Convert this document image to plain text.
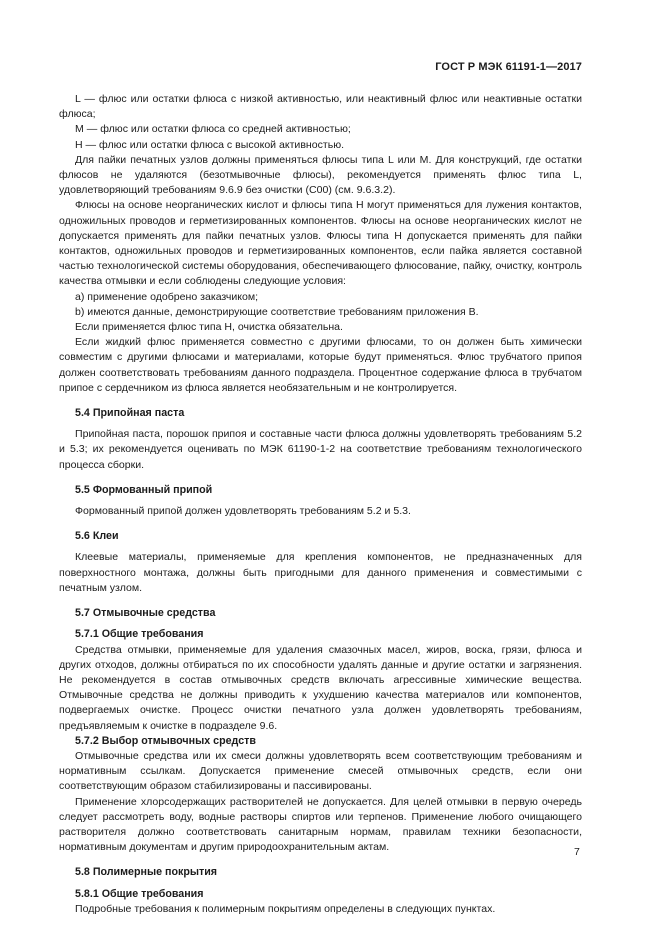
ГОСТ Р МЭК 61191-1—2017

L — флюс или остатки флюса с низкой активностью, или неактивный флюс или неактивные остатки флюса;

М — флюс или остатки флюса со средней активностью;

Н — флюс или остатки флюса с высокой активностью.

Для пайки печатных узлов должны применяться флюсы типа L или М. Для конструкций, где остатки флюсов не удаляются (безотмывочные флюсы), рекомендуется применять флюс типа L, удовлетворяющий требованиям 9.6.9 без очистки (С00) (см. 9.6.3.2).

Флюсы на основе неорганических кислот и флюсы типа Н могут применяться для лужения контактов, одножильных проводов и герметизированных компонентов. Флюсы на основе неорганических кислот не допускается применять для пайки печатных узлов. Флюсы типа Н допускается применять для пайки контактов, одножильных проводов и герметизированных компонентов, если пайка является составной частью технологической системы оборудования, обеспечивающего флюсование, пайку, очистку, контроль качества отмывки и если соблюдены следующие условия:

a) применение одобрено заказчиком;

b) имеются данные, демонстрирующие соответствие требованиям приложения В.

Если применяется флюс типа Н, очистка обязательна.

Если жидкий флюс применяется совместно с другими флюсами, то он должен быть химически совместим с другими флюсами и материалами, которые будут применяться. Флюс трубчатого припоя должен соответствовать требованиям данного подраздела. Процентное содержание флюса в трубчатом припое с сердечником из флюса является необязательным и не контролируется.

5.4 Припойная паста

Припойная паста, порошок припоя и составные части флюса должны удовлетворять требованиям 5.2 и 5.3; их рекомендуется оценивать по МЭК 61190-1-2 на соответствие требованиям технологического процесса сборки.

5.5 Формованный припой

Формованный припой должен удовлетворять требованиям 5.2 и 5.3.

5.6 Клеи

Клеевые материалы, применяемые для крепления компонентов, не предназначенных для поверхностного монтажа, должны быть пригодными для данного применения и совместимыми с печатным узлом.

5.7 Отмывочные средства

5.7.1 Общие требования

Средства отмывки, применяемые для удаления смазочных масел, жиров, воска, грязи, флюса и других отходов, должны отбираться по их способности удалять данные и другие остатки и загрязнения. Не рекомендуется в состав отмывочных средств включать агрессивные химические вещества. Отмывочные средства не должны приводить к ухудшению качества материалов или компонентов, подвергаемых очистке. Процесс очистки печатного узла должен удовлетворять требованиям, предъявляемым к очистке в подразделе 9.6.

5.7.2 Выбор отмывочных средств

Отмывочные средства или их смеси должны удовлетворять всем соответствующим требованиям и нормативным ссылкам. Допускается применение смесей отмывочных средств, если они соответствующим образом стабилизированы и пассивированы.

Применение хлорсодержащих растворителей не допускается. Для целей отмывки в первую очередь следует рассмотреть воду, водные растворы спиртов или терпенов. Применение любого очищающего растворителя должно соответствовать санитарным нормам, правилам техники безопасности, нормативным документам и другим природоохранительным актам.

5.8 Полимерные покрытия

5.8.1 Общие требования

Подробные требования к полимерным покрытиям определены в следующих пунктах.

7
